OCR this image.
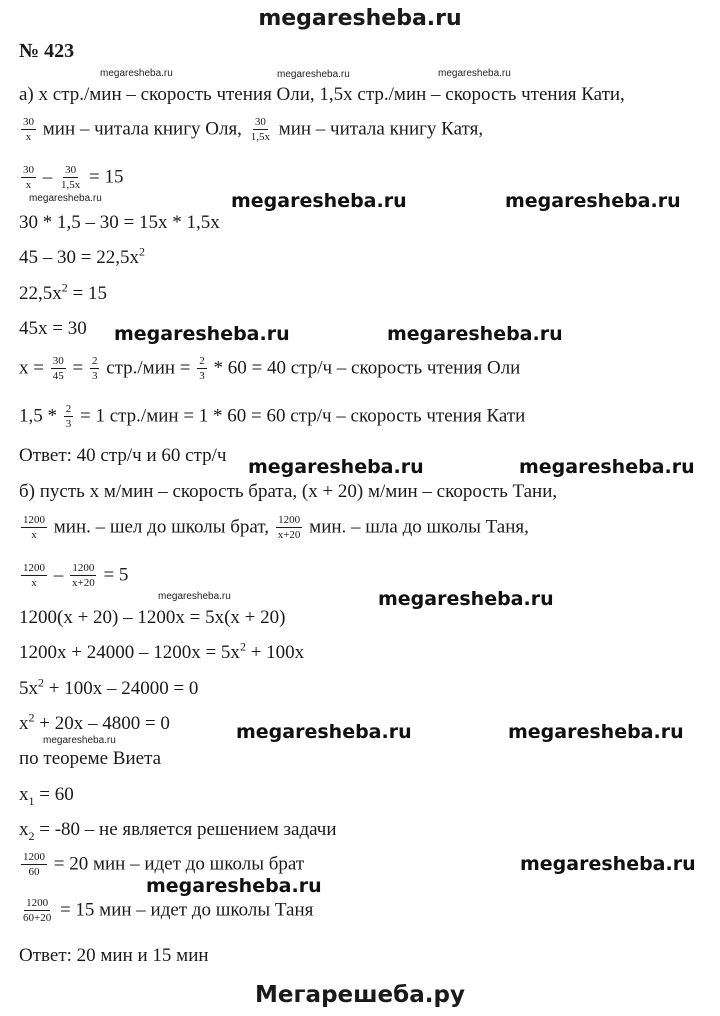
megaresheba.ru
№ 423
а) x стр./мин – скорость чтения Оли, 1,5x стр./мин – скорость чтения Кати,
$\frac{30}{x}$ мин – читала книгу Оля, $\frac{30}{1,5x}$ мин – читала книгу Катя,
$\frac{30}{x} - \frac{30}{1,5x} = 15$
30 * 1,5 – 30 = 15x * 1,5x
$45 - 30 = 22,5x^2$
$22,5x^2 = 15$
45x = 30
$x = \frac{30}{45} = \frac{2}{3} стр./мин = \frac{2}{3} * 60 = 40$ стр/ч – скорость чтения Оли
$1,5 * \frac{2}{3} = 1$ стр./мин = 1 * 60 = 60 стр/ч – скорость чтения Кати
Ответ: 40 стр/ч и 60 стр/ч
б) пусть x м/мин – скорость брата, (x + 20) м/мин – скорость Тани,
$\frac{1200}{x}$ мин. – шел до школы брат, $\frac{1200}{x+20}$ мин. – шла до школы Таня,
$\frac{1200}{x} - \frac{1200}{x+20} = 5$
1200(x + 20) – 1200x = 5x(x + 20)
$1200x + 24000 - 1200x = 5x^2 + 100x$
$5x^2 + 100x - 24000 = 0$
$x^2 + 20x - 4800 = 0$
по теореме Виета
$x_1 = 60$
$x_2 = -80$ – не является решением задачи
$\frac{1200}{60} = 20$ мин – идет до школы брат
$\frac{1200}{60+20} = 15$ мин – идет до школы Таня
Ответ: 20 мин и 15 мин
megaresheba.ru	megaresheba.ru	megaresheba.ru
megaresheba.ru	megaresheba.ru	megaresheba.ru
megaresheba.ru	megaresheba.ru
megaresheba.ru	megaresheba.ru
megaresheba.ru	megaresheba.ru
megaresheba.ru	megaresheba.ru
megaresheba.ru
megaresheba.ru
megaresheba.ru
Мегарешеба.ру
